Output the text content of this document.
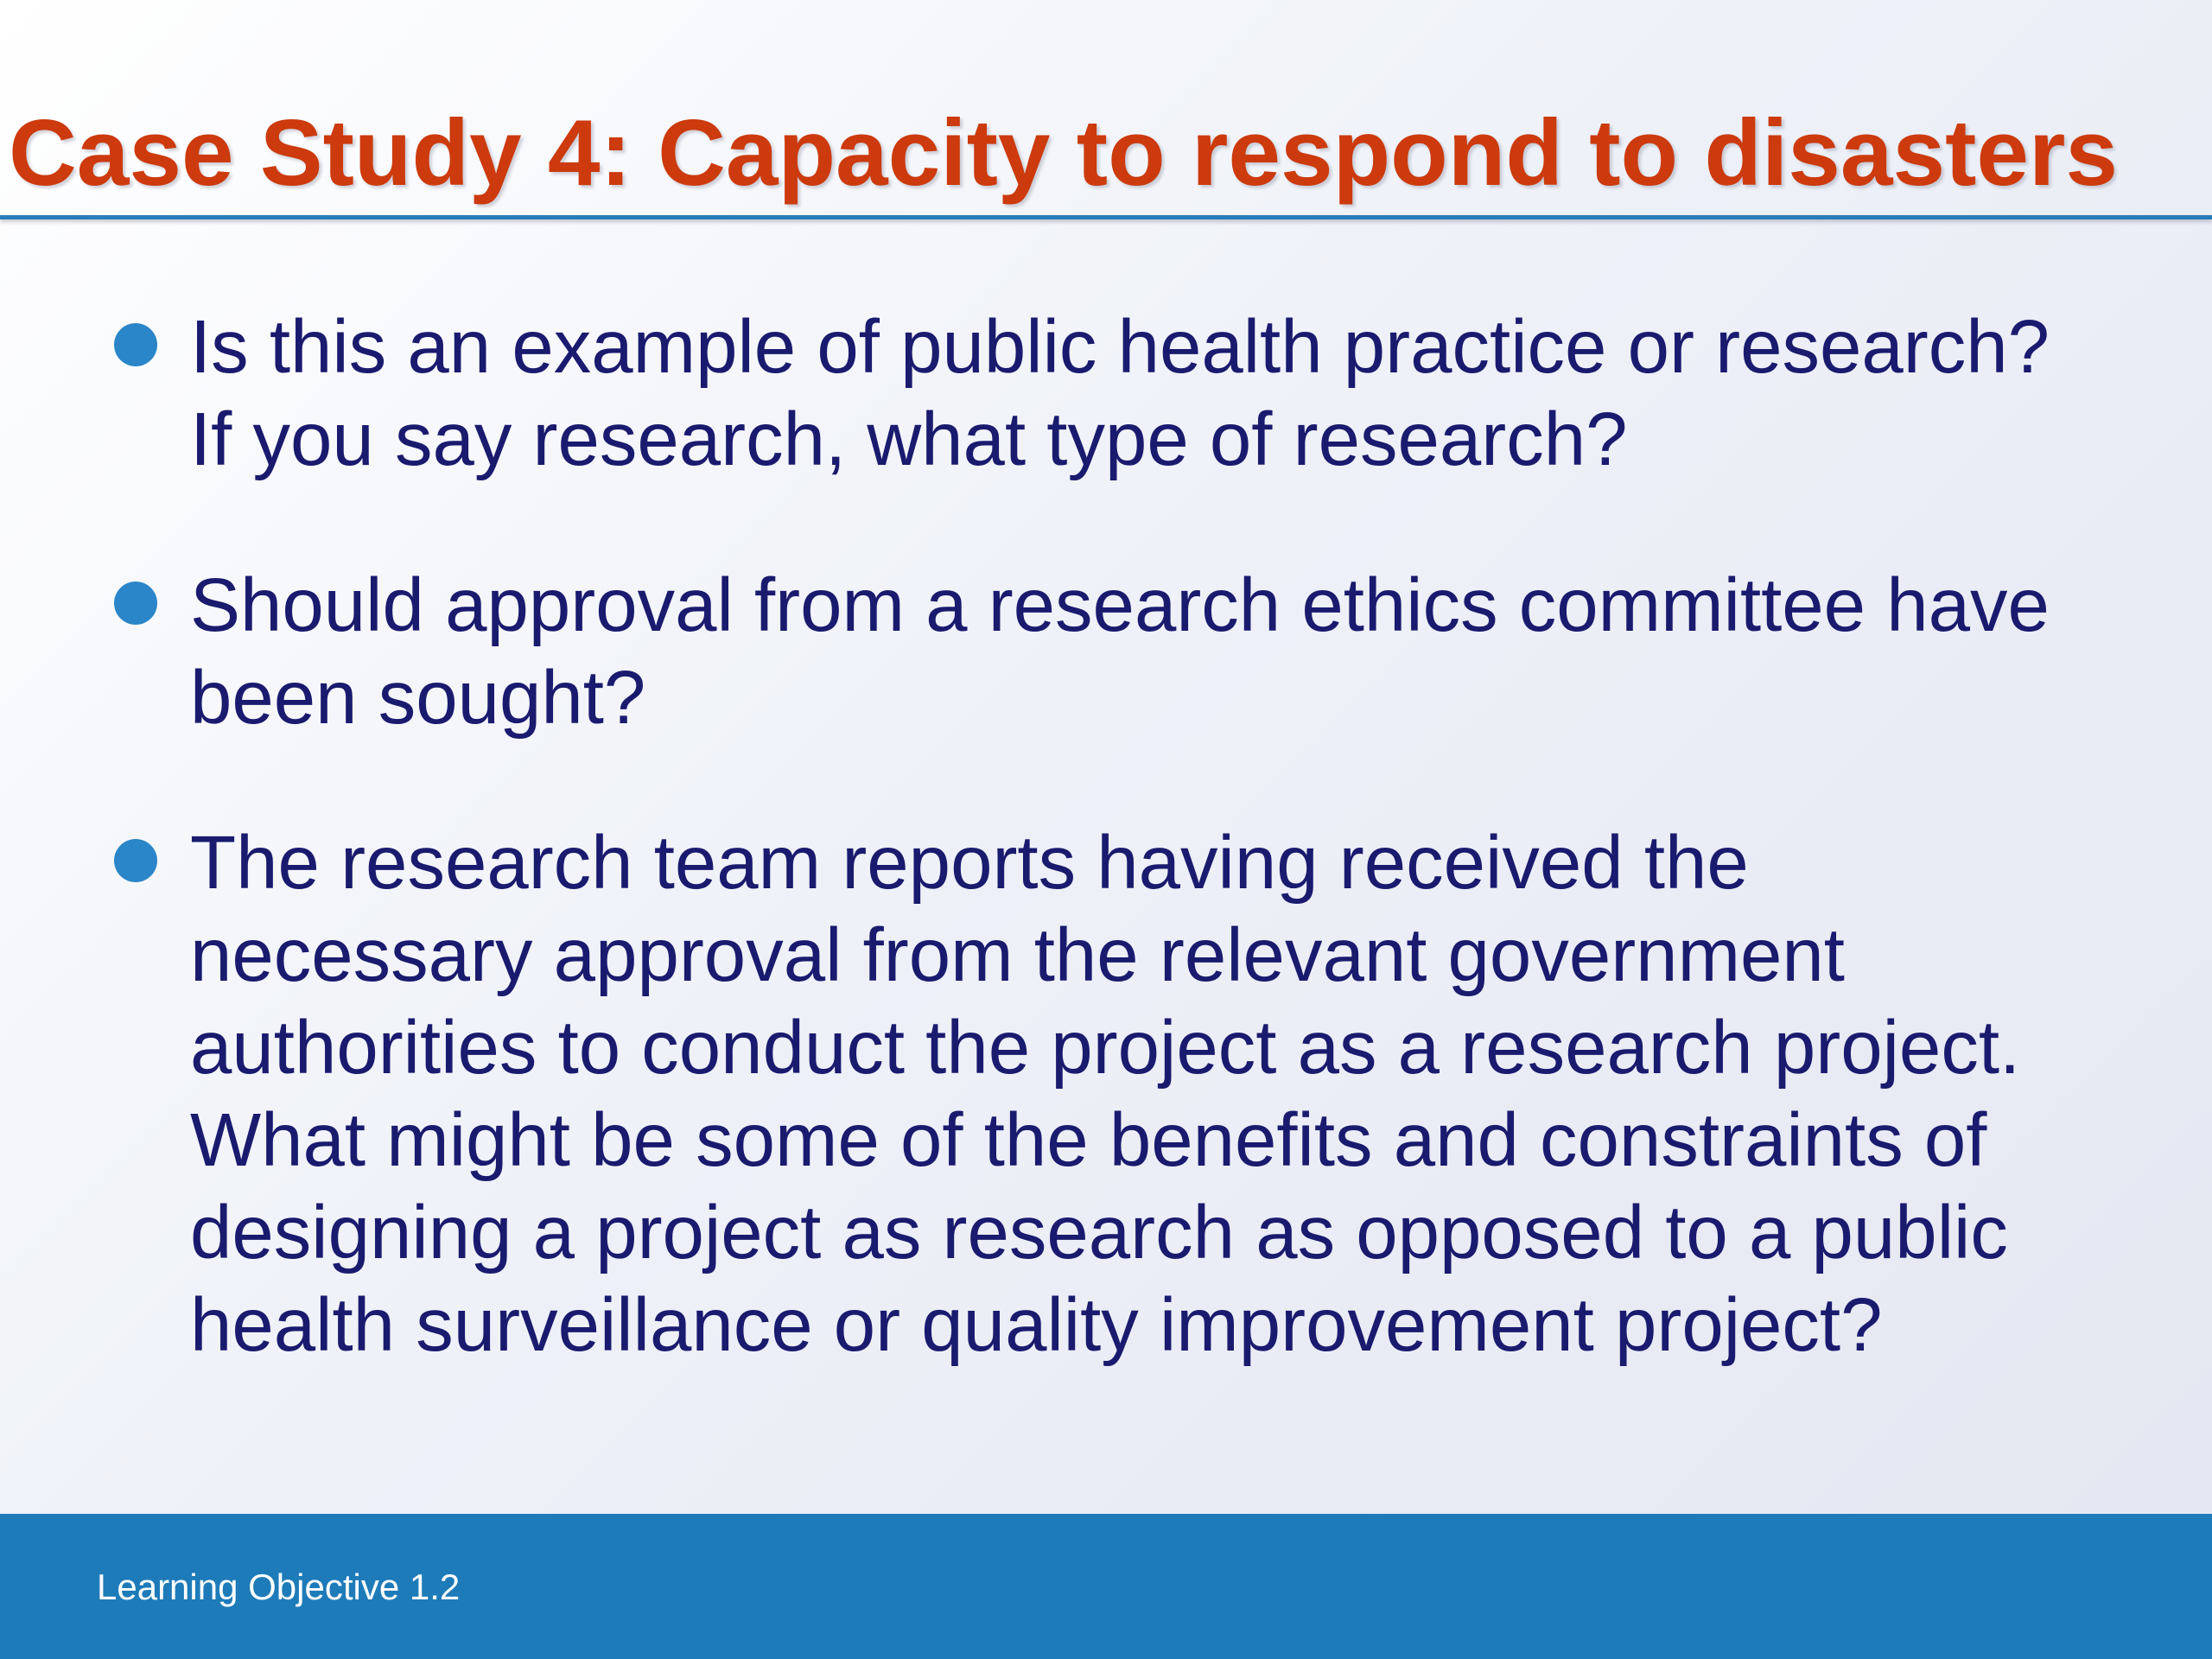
Case Study 4: Capacity to respond to disasters

Is this an example of public health practice or research?
If you say research, what type of research?

Should approval from a research ethics committee have
been sought?

The research team reports having received the
necessary approval from the relevant government
authorities to conduct the project as a research project.
What might be some of the benefits and constraints of
designing a project as research as opposed to a public
health surveillance or quality improvement project?

Learning Objective 1.2
